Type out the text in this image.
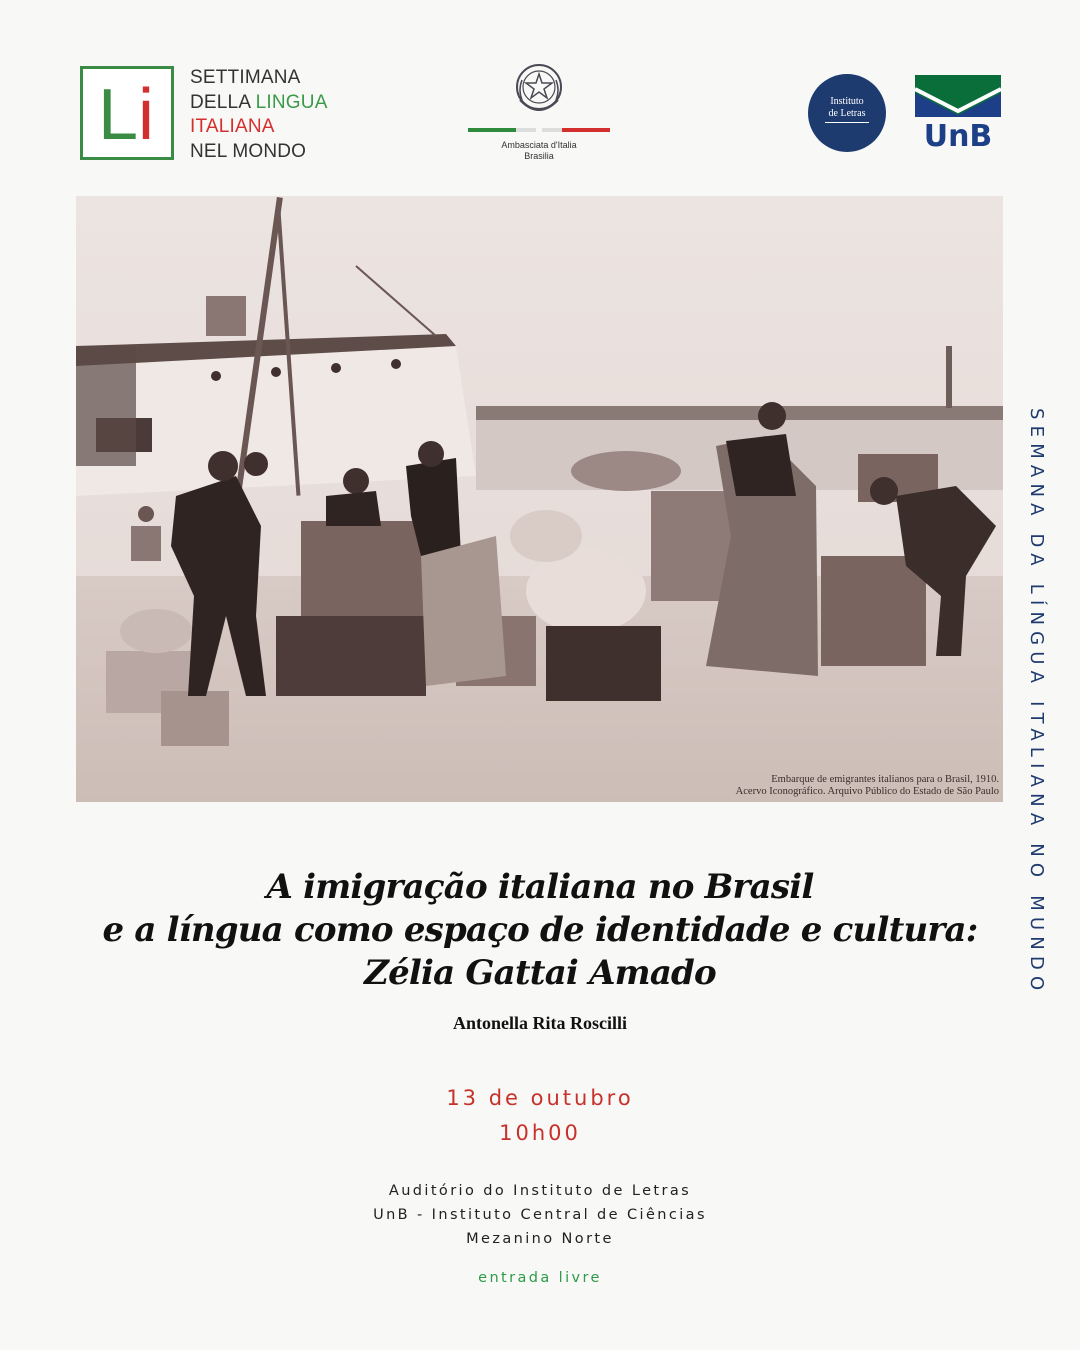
L i SETTIMANA
DELLA LINGUA
ITALIANA
NEL MONDO	Ambasciata d'Italia
Brasilia
Instituto
de Letras
UnB
Embarque de emigrantes italianos para o Brasil, 1910.
Acervo Iconográfico. Arquivo Público do Estado de São Paulo SEMANA DA LÍNGUA ITALIANA NO MUNDO
A imigração italiana no Brasil
e a língua como espaço de identidade e cultura:
Zélia Gattai Amado
Antonella Rita Roscilli
13 de outubro
10h00
Auditório do Instituto de Letras
UnB - Instituto Central de Ciências
Mezanino Norte
entrada livre
